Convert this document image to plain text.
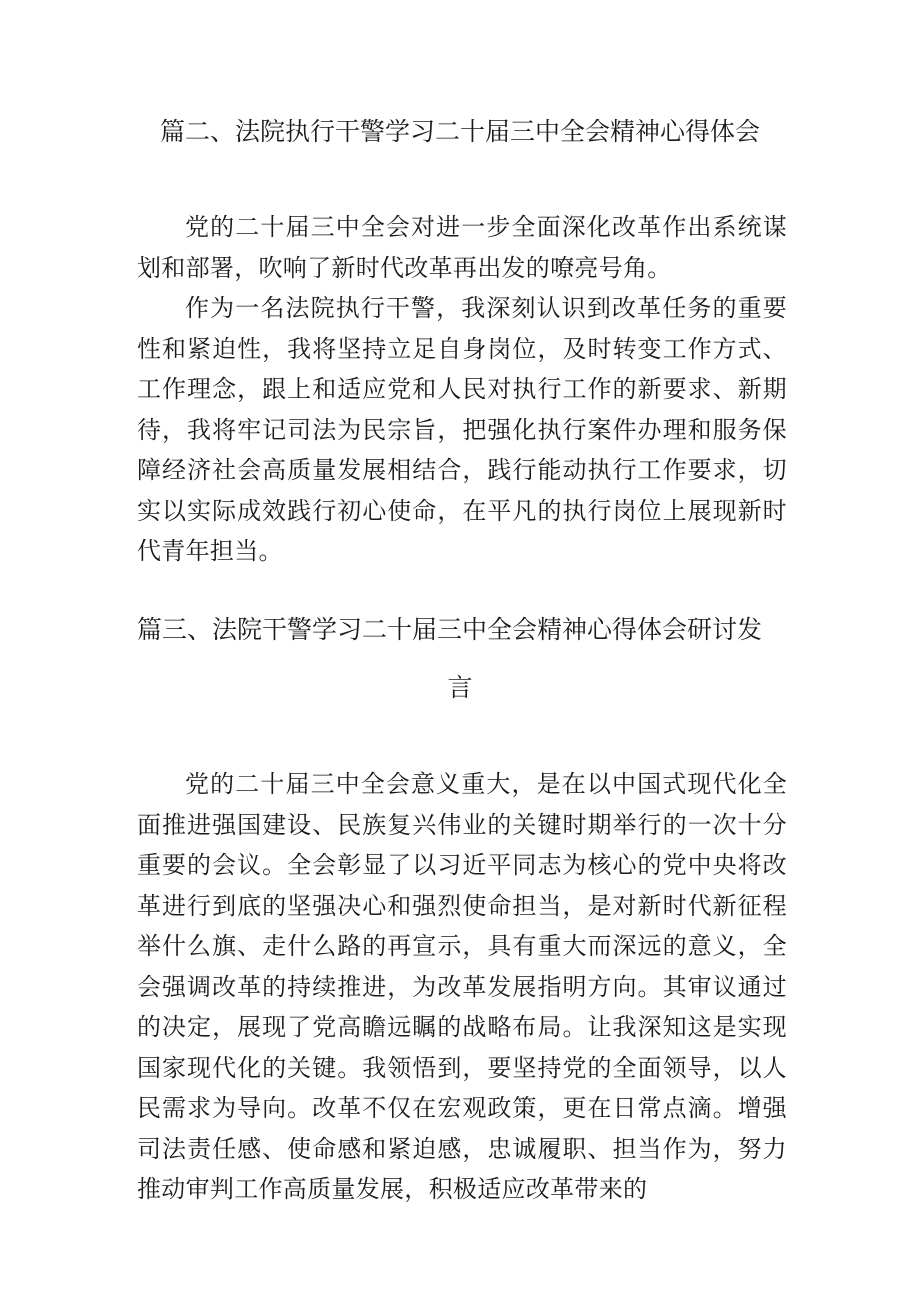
篇二、法院执行干警学习二十届三中全会精神心得体会

党的二十届三中全会对进一步全面深化改革作出系统谋划和部署，吹响了新时代改革再出发的嘹亮号角。

作为一名法院执行干警，我深刻认识到改革任务的重要性和紧迫性，我将坚持立足自身岗位，及时转变工作方式、工作理念，跟上和适应党和人民对执行工作的新要求、新期待，我将牢记司法为民宗旨，把强化执行案件办理和服务保障经济社会高质量发展相结合，践行能动执行工作要求，切实以实际成效践行初心使命，在平凡的执行岗位上展现新时代青年担当。

篇三、法院干警学习二十届三中全会精神心得体会研讨发
言

党的二十届三中全会意义重大，是在以中国式现代化全面推进强国建设、民族复兴伟业的关键时期举行的一次十分重要的会议。全会彰显了以习近平同志为核心的党中央将改革进行到底的坚强决心和强烈使命担当，是对新时代新征程举什么旗、走什么路的再宣示，具有重大而深远的意义，全会强调改革的持续推进，为改革发展指明方向。其审议通过的决定，展现了党高瞻远瞩的战略布局。让我深知这是实现国家现代化的关键。我领悟到，要坚持党的全面领导，以人民需求为导向。改革不仅在宏观政策，更在日常点滴。增强司法责任感、使命感和紧迫感，忠诚履职、担当作为，努力推动审判工作高质量发展，积极适应改革带来的
